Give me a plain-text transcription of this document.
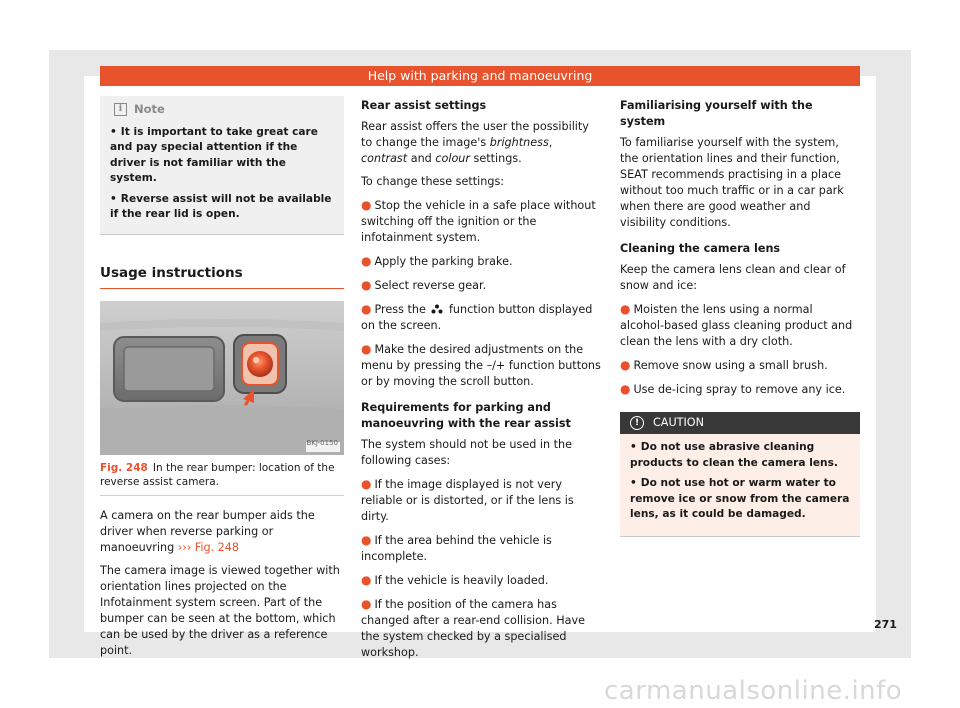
Help with parking and manoeuvring
i	Note

• It is important to take great care and pay special attention if the driver is not familiar with the system.

• Reverse assist will not be available if the rear lid is open.

Usage instructions
BKJ-0150
Fig. 248 In the rear bumper: location of the reverse assist camera.

A camera on the rear bumper aids the driver when reverse parking or manoeuvring ››› Fig. 248

The camera image is viewed together with orientation lines projected on the Infotainment system screen. Part of the bumper can be seen at the bottom, which can be used by the driver as a reference point.

Rear assist settings

Rear assist offers the user the possibility to change the image's brightness, contrast and colour settings.

To change these settings:

● Stop the vehicle in a safe place without switching off the ignition or the infotainment system.

● Apply the parking brake.

● Select reverse gear.

● Press the function button displayed on the screen.

● Make the desired adjustments on the menu by pressing the –/+ function buttons or by moving the scroll button.

Requirements for parking and manoeuvring with the rear assist

The system should not be used in the following cases:

● If the image displayed is not very reliable or is distorted, or if the lens is dirty.

● If the area behind the vehicle is incomplete.

● If the vehicle is heavily loaded.

● If the position of the camera has changed after a rear-end collision. Have the system checked by a specialised workshop.

Familiarising yourself with the system

To familiarise yourself with the system, the orientation lines and their function, SEAT recommends practising in a place without too much traffic or in a car park when there are good weather and visibility conditions.

Cleaning the camera lens

Keep the camera lens clean and clear of snow and ice:

● Moisten the lens using a normal alcohol-based glass cleaning product and clean the lens with a dry cloth.

● Remove snow using a small brush.

● Use de-icing spray to remove any ice.

!	CAUTION

• Do not use abrasive cleaning products to clean the camera lens.

• Do not use hot or warm water to remove ice or snow from the camera lens, as it could be damaged.

271
carmanualsonline.info
